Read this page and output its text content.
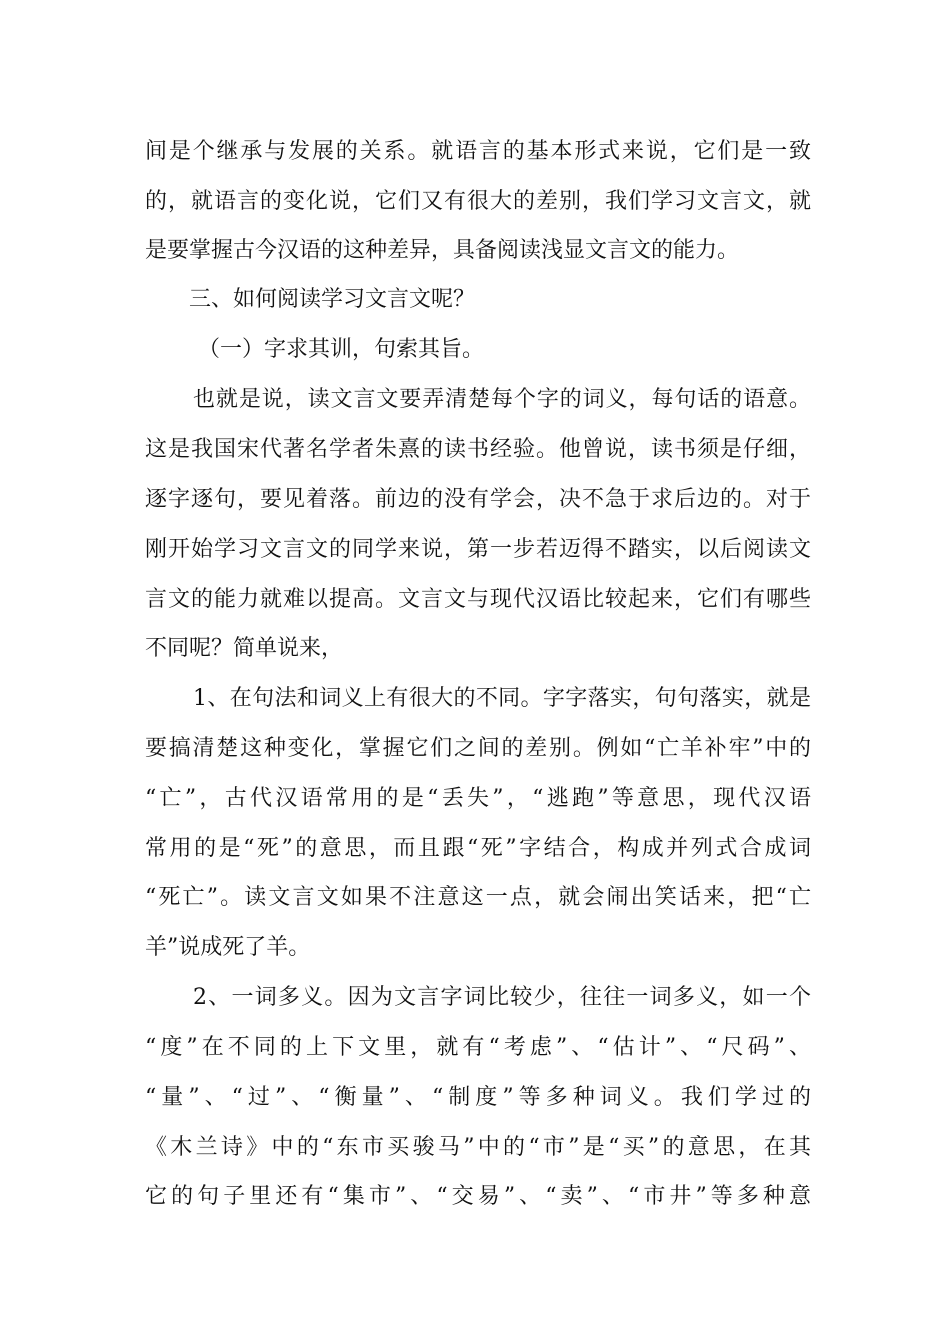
间是个继承与发展的关系。就语言的基本形式来说，它们是一致
的，就语言的变化说，它们又有很大的差别，我们学习文言文，就
是要掌握古今汉语的这种差异，具备阅读浅显文言文的能力。
三、如何阅读学习文言文呢？
（一）字求其训，句索其旨。
也就是说，读文言文要弄清楚每个字的词义，每句话的语意。
这是我国宋代著名学者朱熹的读书经验。他曾说，读书须是仔细，
逐字逐句，要见着落。前边的没有学会，决不急于求后边的。对于
刚开始学习文言文的同学来说，第一步若迈得不踏实，以后阅读文
言文的能力就难以提高。文言文与现代汉语比较起来，它们有哪些
不同呢？简单说来，
1、在句法和词义上有很大的不同。字字落实，句句落实，就是
要搞清楚这种变化，掌握它们之间的差别。例如“亡羊补牢”中的
“亡”，古代汉语常用的是“丢失”，“逃跑”等意思，现代汉语
常用的是“死”的意思，而且跟“死”字结合，构成并列式合成词
“死亡”。读文言文如果不注意这一点，就会闹出笑话来，把“亡
羊”说成死了羊。
2、一词多义。因为文言字词比较少，往往一词多义，如一个
“度”在不同的上下文里，就有“考虑”、“估计”、“尺码”、
“量”、“过”、“衡量”、“制度”等多种词义。我们学过的
《木兰诗》中的“东市买骏马”中的“市”是“买”的意思，在其
它的句子里还有“集市”、“交易”、“卖”、“市井”等多种意
